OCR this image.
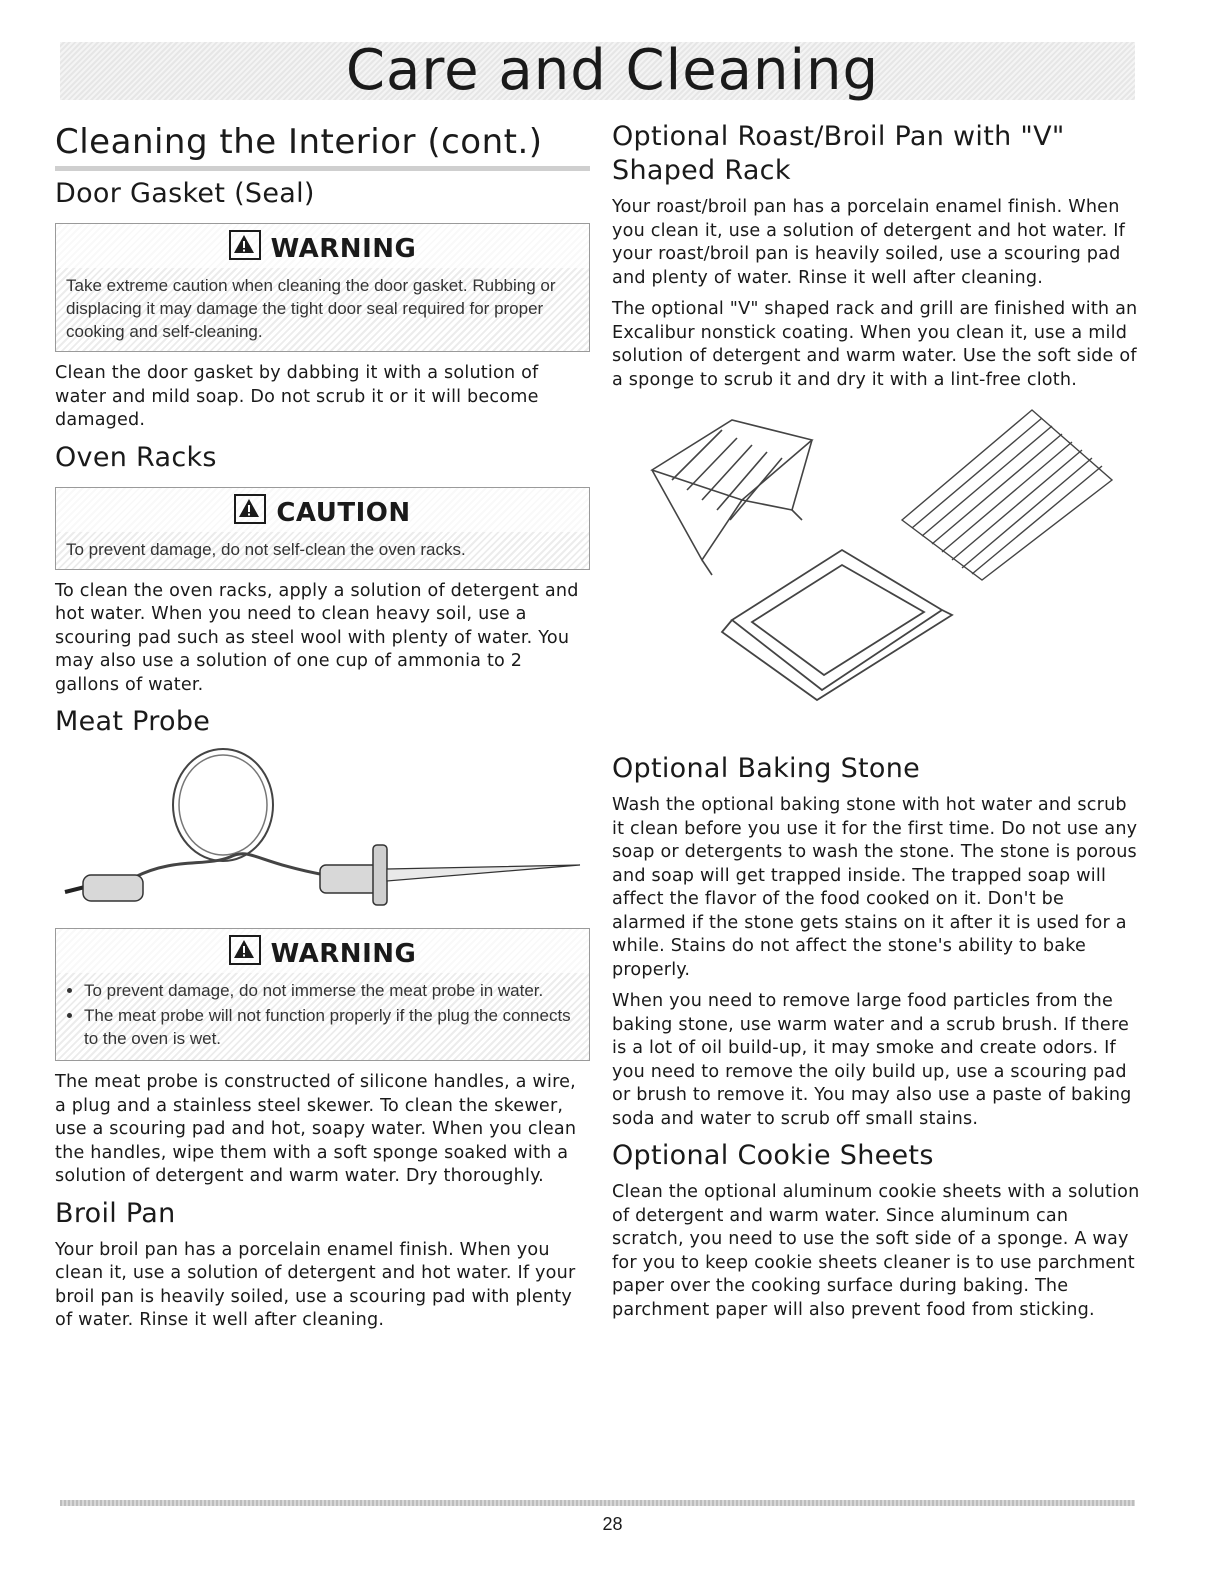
Care and Cleaning
Cleaning the Interior (cont.)
Door Gasket (Seal)
WARNING
Take extreme caution when cleaning the door gasket. Rubbing or displacing it may damage the tight door seal required for proper cooking and self-cleaning.

Clean the door gasket by dabbing it with a solution of water and mild soap. Do not scrub it or it will become damaged.

Oven Racks
CAUTION
To prevent damage, do not self-clean the oven racks.

To clean the oven racks, apply a solution of detergent and hot water. When you need to clean heavy soil, use a scouring pad such as steel wool with plenty of water. You may also use a solution of one cup of ammonia to 2 gallons of water.

Meat Probe
WARNING
• To prevent damage, do not immerse the meat probe in water.
• The meat probe will not function properly if the plug the connects to the oven is wet.

The meat probe is constructed of silicone handles, a wire, a plug and a stainless steel skewer. To clean the skewer, use a scouring pad and hot, soapy water. When you clean the handles, wipe them with a soft sponge soaked with a solution of detergent and warm water. Dry thoroughly.

Broil Pan

Your broil pan has a porcelain enamel finish. When you clean it, use a solution of detergent and hot water. If your broil pan is heavily soiled, use a scouring pad with plenty of water. Rinse it well after cleaning.

Optional Roast/Broil Pan with "V" Shaped Rack

Your roast/broil pan has a porcelain enamel finish. When you clean it, use a solution of detergent and hot water. If your roast/broil pan is heavily soiled, use a scouring pad and plenty of water. Rinse it well after cleaning.

The optional "V" shaped rack and grill are finished with an Excalibur nonstick coating. When you clean it, use a mild solution of detergent and warm water. Use the soft side of a sponge to scrub it and dry it with a lint-free cloth.

Optional Baking Stone

Wash the optional baking stone with hot water and scrub it clean before you use it for the first time. Do not use any soap or detergents to wash the stone. The stone is porous and soap will get trapped inside. The trapped soap will affect the flavor of the food cooked on it. Don't be alarmed if the stone gets stains on it after it is used for a while. Stains do not affect the stone's ability to bake properly.

When you need to remove large food particles from the baking stone, use warm water and a scrub brush. If there is a lot of oil build-up, it may smoke and create odors. If you need to remove the oily build up, use a scouring pad or brush to remove it. You may also use a paste of baking soda and water to scrub off small stains.

Optional Cookie Sheets

Clean the optional aluminum cookie sheets with a solution of detergent and warm water. Since aluminum can scratch, you need to use the soft side of a sponge. A way for you to keep cookie sheets cleaner is to use parchment paper over the cooking surface during baking. The parchment paper will also prevent food from sticking.

28
